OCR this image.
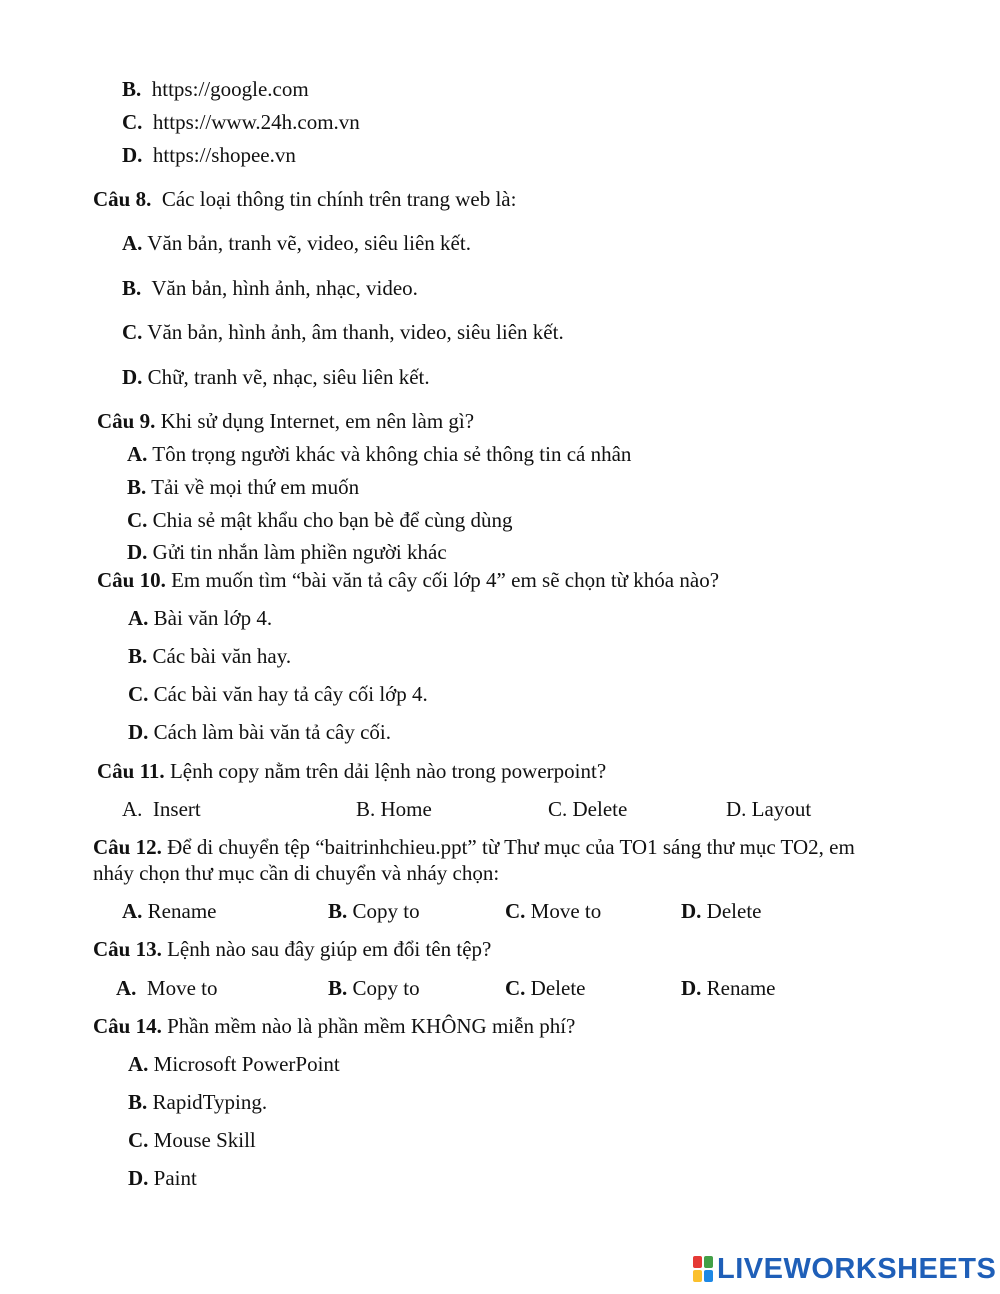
B. https://google.com
C. https://www.24h.com.vn
D. https://shopee.vn
Câu 8. Các loại thông tin chính trên trang web là:
A. Văn bản, tranh vẽ, video, siêu liên kết.
B. Văn bản, hình ảnh, nhạc, video.
C. Văn bản, hình ảnh, âm thanh, video, siêu liên kết.
D. Chữ, tranh vẽ, nhạc, siêu liên kết.
Câu 9. Khi sử dụng Internet, em nên làm gì?
A. Tôn trọng người khác và không chia sẻ thông tin cá nhân
B. Tải về mọi thứ em muốn
C. Chia sẻ mật khẩu cho bạn bè để cùng dùng
D. Gửi tin nhắn làm phiền người khác
Câu 10. Em muốn tìm “bài văn tả cây cối lớp 4” em sẽ chọn từ khóa nào?
A. Bài văn lớp 4.
B. Các bài văn hay.
C. Các bài văn hay tả cây cối lớp 4.
D. Cách làm bài văn tả cây cối.
Câu 11. Lệnh copy nằm trên dải lệnh nào trong powerpoint?
A. Insert	B. Home	C. Delete	D. Layout
Câu 12. Để di chuyển tệp “baitrinhchieu.ppt” từ Thư mục của TO1 sáng thư mục TO2, em
nháy chọn thư mục cần di chuyển và nháy chọn:
A. Rename	B. Copy to	C. Move to	D. Delete
Câu 13. Lệnh nào sau đây giúp em đổi tên tệp?
A. Move to	B. Copy to	C. Delete	D. Rename
Câu 14. Phần mềm nào là phần mềm KHÔNG miễn phí?
A. Microsoft PowerPoint
B. RapidTyping.
C. Mouse Skill
D. Paint
LIVEWORKSHEETS
